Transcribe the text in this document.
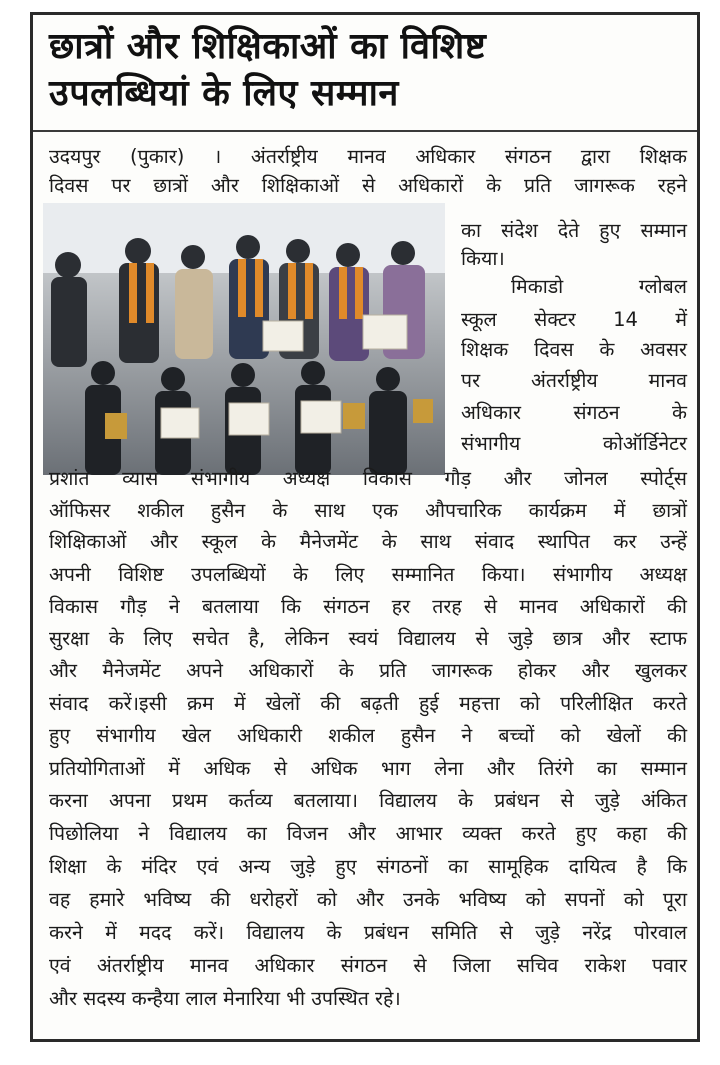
छात्रों और शिक्षिकाओं का विशिष्ट
उपलब्धियां के लिए सम्मान
उदयपुर (पुकार) । अंतर्राष्ट्रीय मानव अधिकार संगठन द्वारा शिक्षक
दिवस पर छात्रों और शिक्षिकाओं से अधिकारों के प्रति जागरूक रहने
का संदेश देते हुए सम्मान
किया।
मिकाडो ग्लोबल
स्कूल सेक्टर 14 में
शिक्षक दिवस के अवसर
पर अंतर्राष्ट्रीय मानव
अधिकार संगठन के
संभागीय कोऑर्डिनेटर
प्रशांत व्यास संभागीय अध्यक्ष विकास गौड़ और जोनल स्पोर्ट्स
ऑफिसर शकील हुसैन के साथ एक औपचारिक कार्यक्रम में छात्रों
शिक्षिकाओं और स्कूल के मैनेजमेंट के साथ संवाद स्थापित कर उन्हें
अपनी विशिष्ट उपलब्धियों के लिए सम्मानित किया। संभागीय अध्यक्ष
विकास गौड़ ने बतलाया कि संगठन हर तरह से मानव अधिकारों की
सुरक्षा के लिए सचेत है, लेकिन स्वयं विद्यालय से जुड़े छात्र और स्टाफ
और मैनेजमेंट अपने अधिकारों के प्रति जागरूक होकर और खुलकर
संवाद करें।इसी क्रम में खेलों की बढ़ती हुई महत्ता को परिलीक्षित करते
हुए संभागीय खेल अधिकारी शकील हुसैन ने बच्चों को खेलों की
प्रतियोगिताओं में अधिक से अधिक भाग लेना और तिरंगे का सम्मान
करना अपना प्रथम कर्तव्य बतलाया। विद्यालय के प्रबंधन से जुड़े अंकित
पिछोलिया ने विद्यालय का विजन और आभार व्यक्त करते हुए कहा की
शिक्षा के मंदिर एवं अन्य जुड़े हुए संगठनों का सामूहिक दायित्व है कि
वह हमारे भविष्य की धरोहरों को और उनके भविष्य को सपनों को पूरा
करने में मदद करें। विद्यालय के प्रबंधन समिति से जुड़े नरेंद्र पोरवाल
एवं अंतर्राष्ट्रीय मानव अधिकार संगठन से जिला सचिव राकेश पवार
और सदस्य कन्हैया लाल मेनारिया भी उपस्थित रहे।
